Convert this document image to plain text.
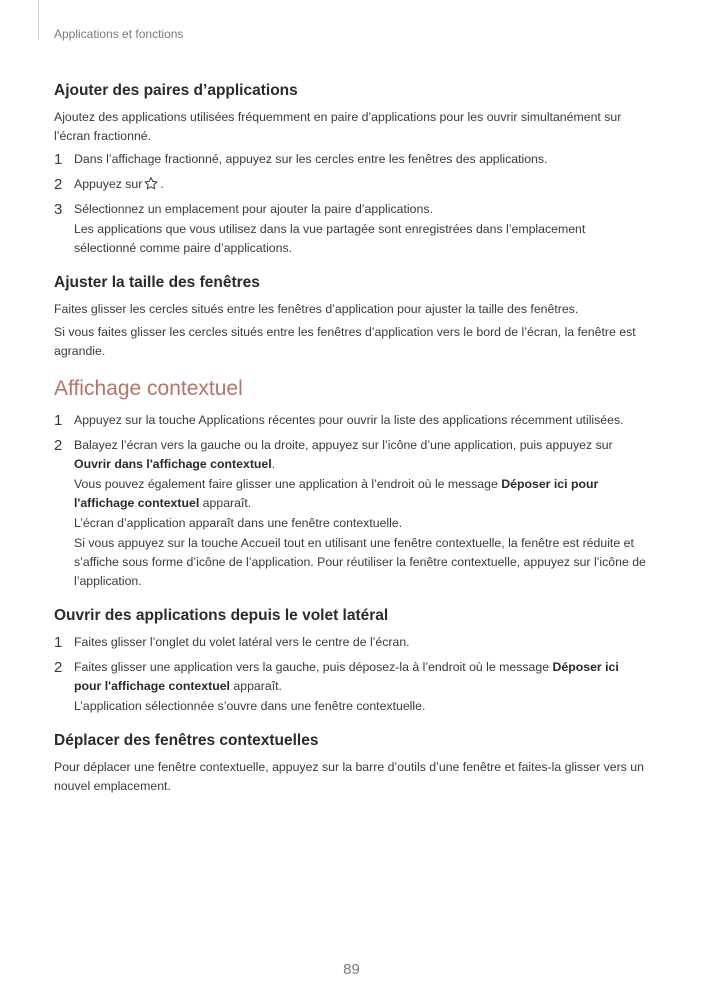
Applications et fonctions
Ajouter des paires d’applications

Ajoutez des applications utilisées fréquemment en paire d’applications pour les ouvrir simultanément sur l’écran fractionné.

1 Dans l’affichage fractionné, appuyez sur les cercles entre les fenêtres des applications.

2 Appuyez sur .

3 Sélectionnez un emplacement pour ajouter la paire d’applications.

Les applications que vous utilisez dans la vue partagée sont enregistrées dans l’emplacement sélectionné comme paire d’applications.

Ajuster la taille des fenêtres

Faites glisser les cercles situés entre les fenêtres d’application pour ajuster la taille des fenêtres.

Si vous faites glisser les cercles situés entre les fenêtres d’application vers le bord de l’écran, la fenêtre est agrandie.

Affichage contextuel
1 Appuyez sur la touche Applications récentes pour ouvrir la liste des applications récemment utilisées.

2 Balayez l’écran vers la gauche ou la droite, appuyez sur l’icône d’une application, puis appuyez sur Ouvrir dans l'affichage contextuel.

Vous pouvez également faire glisser une application à l’endroit où le message Déposer ici pour l'affichage contextuel apparaît.

L’écran d’application apparaît dans une fenêtre contextuelle.

Si vous appuyez sur la touche Accueil tout en utilisant une fenêtre contextuelle, la fenêtre est réduite et s’affiche sous forme d’icône de l’application. Pour réutiliser la fenêtre contextuelle, appuyez sur l’icône de l’application.

Ouvrir des applications depuis le volet latéral
1 Faites glisser l’onglet du volet latéral vers le centre de l’écran.

2 Faites glisser une application vers la gauche, puis déposez-la à l’endroit où le message Déposer ici pour l'affichage contextuel apparaît.

L’application sélectionnée s’ouvre dans une fenêtre contextuelle.

Déplacer des fenêtres contextuelles

Pour déplacer une fenêtre contextuelle, appuyez sur la barre d’outils d’une fenêtre et faites-la glisser vers un nouvel emplacement.

89
